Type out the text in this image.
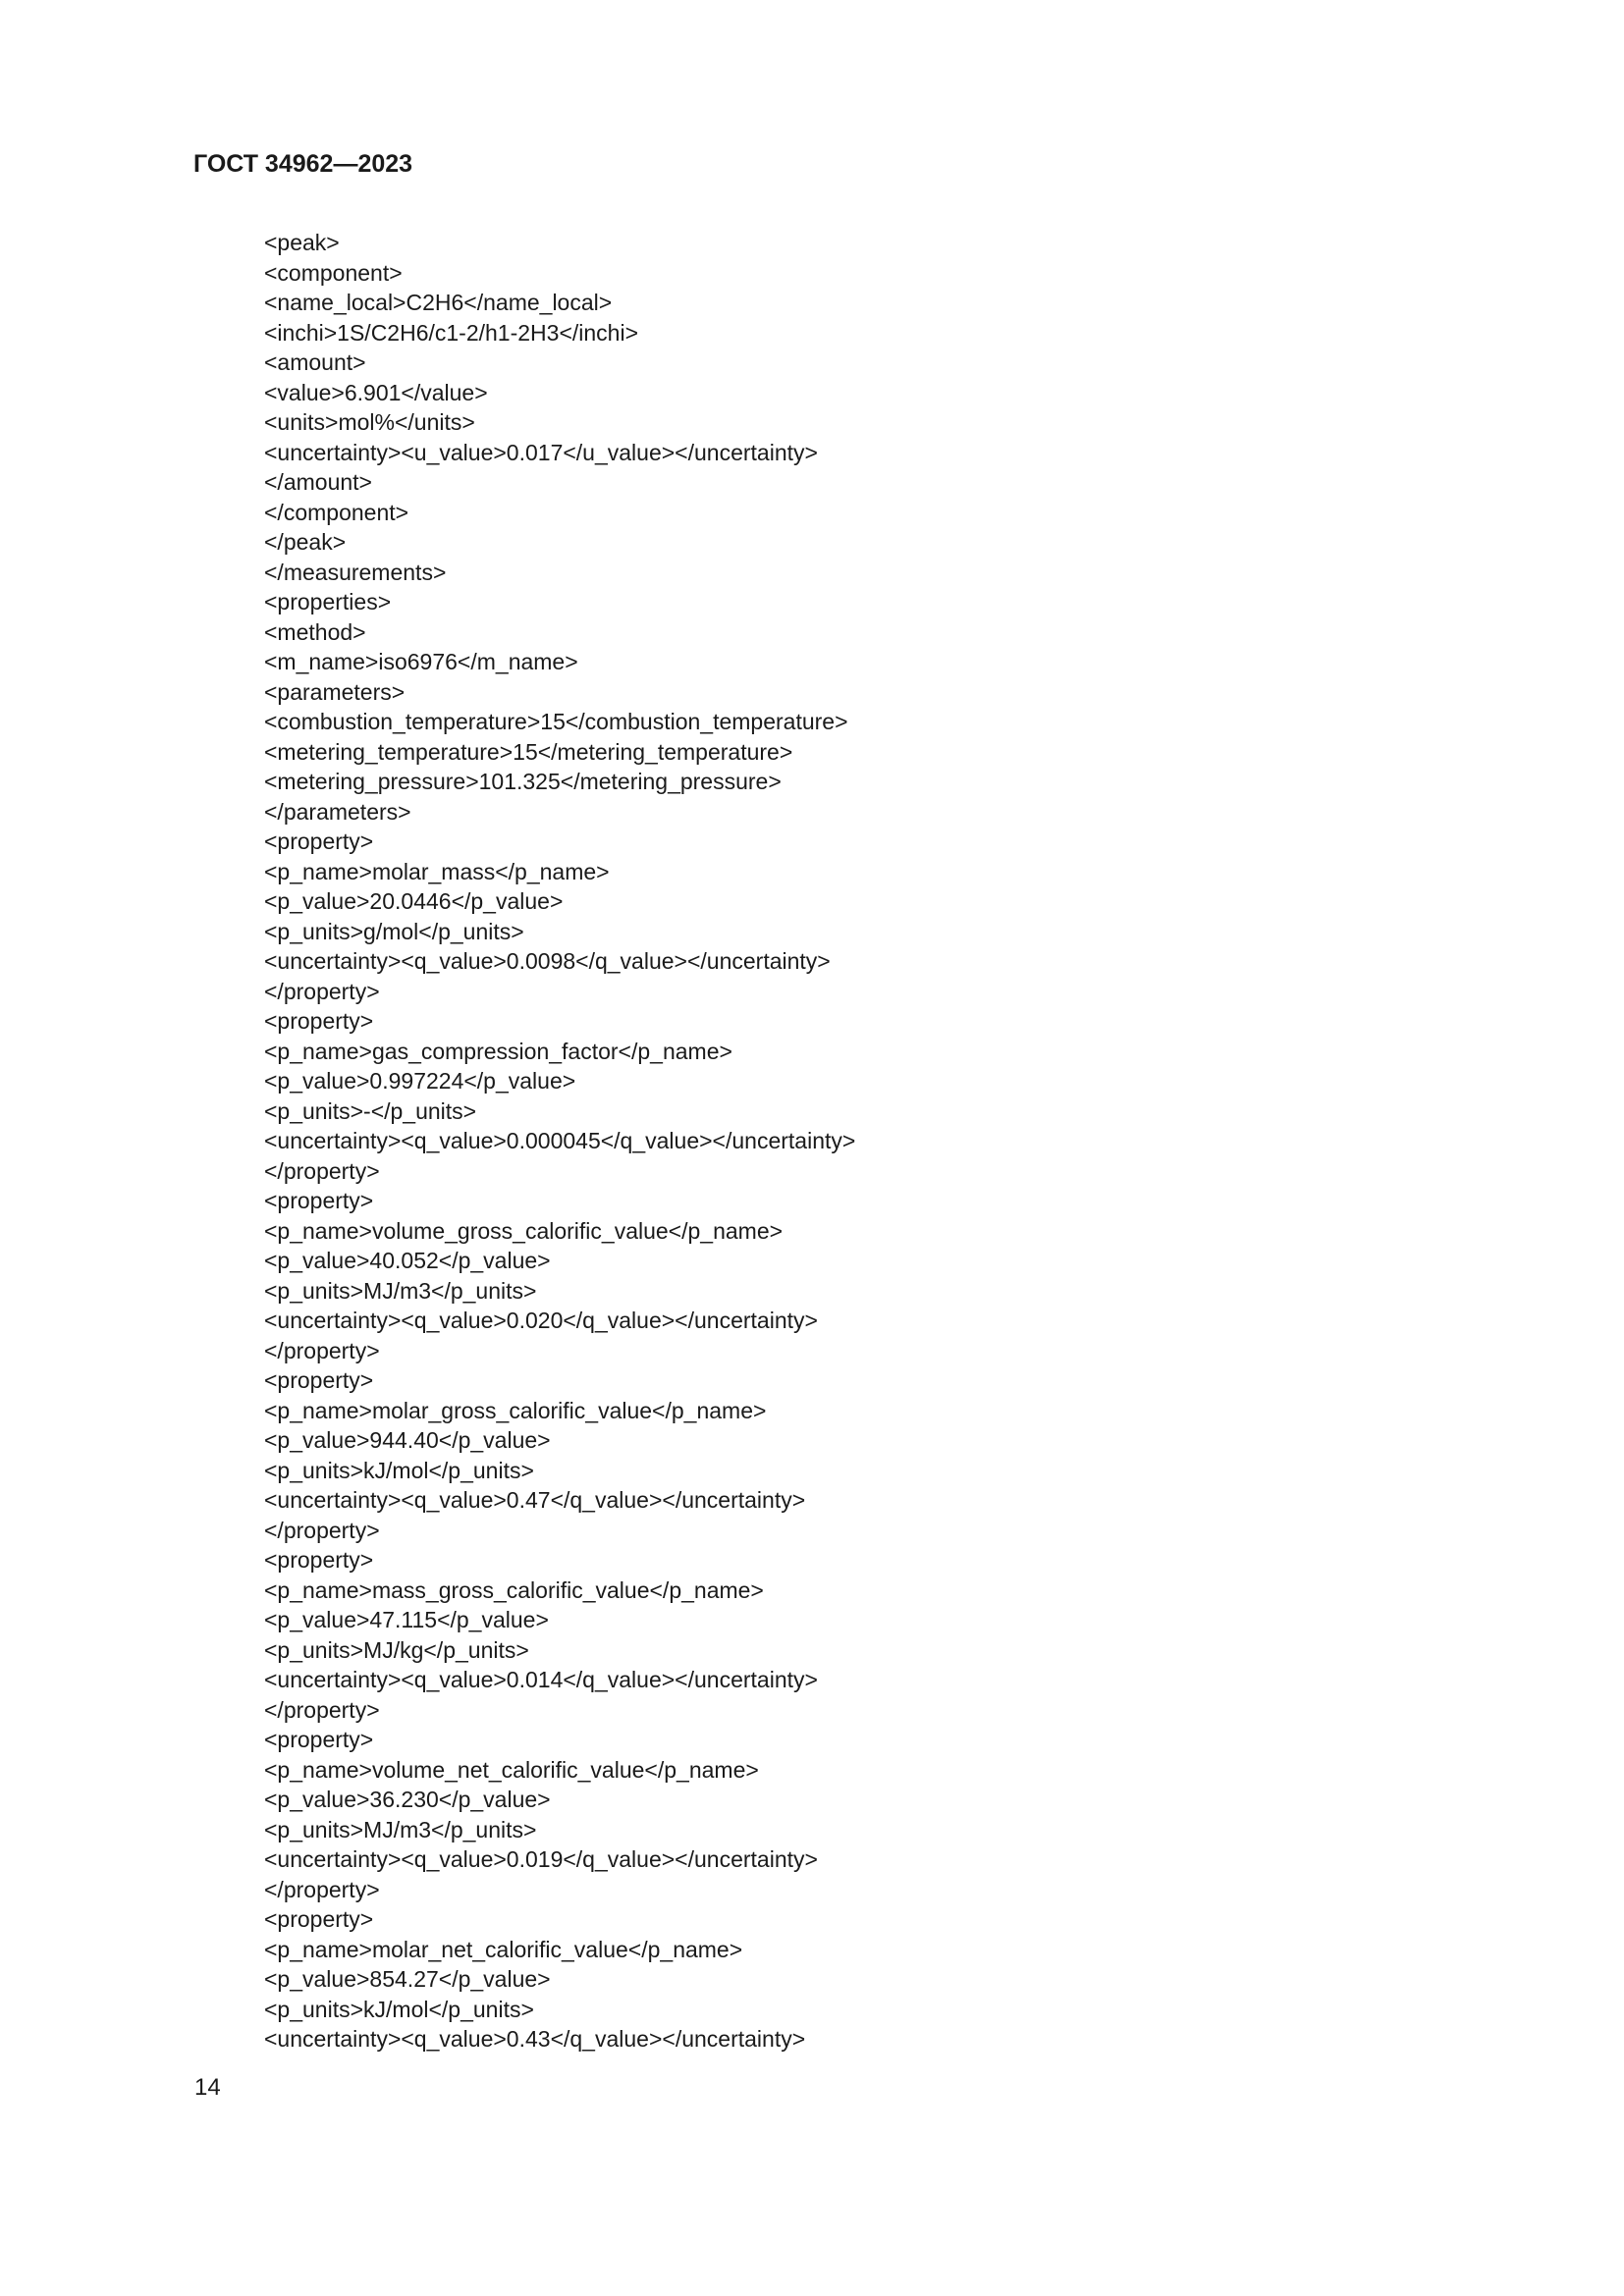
ГОСТ 34962—2023
<peak>
<component>
<name_local>C2H6</name_local>
<inchi>1S/C2H6/c1-2/h1-2H3</inchi>
<amount>
<value>6.901</value>
<units>mol%</units>
<uncertainty><u_value>0.017</u_value></uncertainty>
</amount>
</component>
</peak>
</measurements>
<properties>
<method>
<m_name>iso6976</m_name>
<parameters>
<combustion_temperature>15</combustion_temperature>
<metering_temperature>15</metering_temperature>
<metering_pressure>101.325</metering_pressure>
</parameters>
<property>
<p_name>molar_mass</p_name>
<p_value>20.0446</p_value>
<p_units>g/mol</p_units>
<uncertainty><q_value>0.0098</q_value></uncertainty>
</property>
<property>
<p_name>gas_compression_factor</p_name>
<p_value>0.997224</p_value>
<p_units>-</p_units>
<uncertainty><q_value>0.000045</q_value></uncertainty>
</property>
<property>
<p_name>volume_gross_calorific_value</p_name>
<p_value>40.052</p_value>
<p_units>MJ/m3</p_units>
<uncertainty><q_value>0.020</q_value></uncertainty>
</property>
<property>
<p_name>molar_gross_calorific_value</p_name>
<p_value>944.40</p_value>
<p_units>kJ/mol</p_units>
<uncertainty><q_value>0.47</q_value></uncertainty>
</property>
<property>
<p_name>mass_gross_calorific_value</p_name>
<p_value>47.115</p_value>
<p_units>MJ/kg</p_units>
<uncertainty><q_value>0.014</q_value></uncertainty>
</property>
<property>
<p_name>volume_net_calorific_value</p_name>
<p_value>36.230</p_value>
<p_units>MJ/m3</p_units>
<uncertainty><q_value>0.019</q_value></uncertainty>
</property>
<property>
<p_name>molar_net_calorific_value</p_name>
<p_value>854.27</p_value>
<p_units>kJ/mol</p_units>
<uncertainty><q_value>0.43</q_value></uncertainty>
14
